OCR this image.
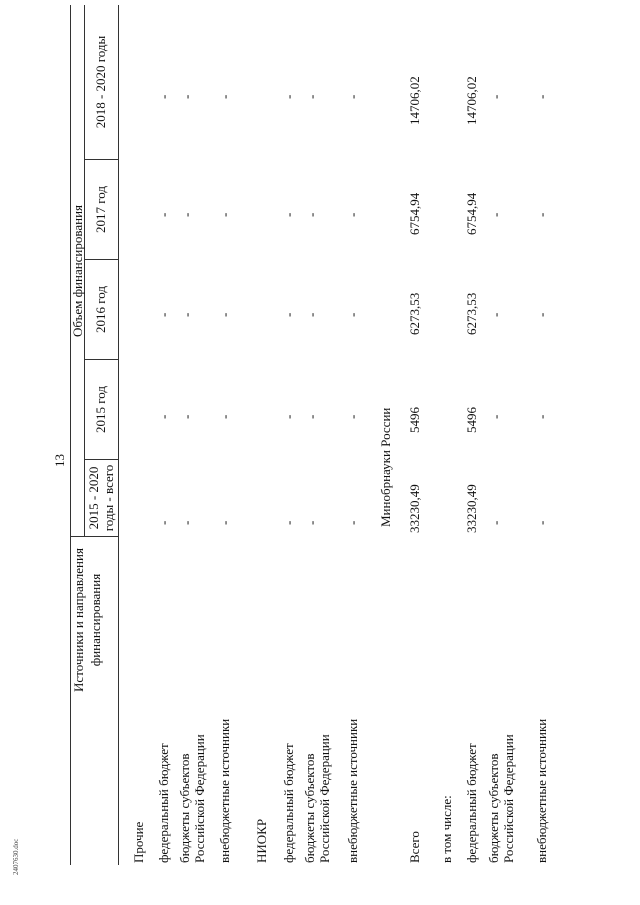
13
Источники и направления финансирования
Объем финансирования
2015 - 2020 годы - всего
2015 год
2016 год
2017 год
2018 - 2020 годы
Прочие федеральный бюджет
-
-
-
-
-
бюджеты субъектов Российской Федерации
-
-
-
-
-
внебюджетные источники
-
-
-
-
-
НИОКР федеральный бюджет
-
-
-
-
-
бюджеты субъектов Российской Федерации
-
-
-
-
-
внебюджетные источники
-
-
-
-
-
Минобрнауки России
Всего
33230,49
5496
6273,53
6754,94
14706,02
в том числе: федеральный бюджет
33230,49
5496
6273,53
6754,94
14706,02
бюджеты субъектов Российской Федерации
-
-
-
-
-
внебюджетные источники
-
-
-
-
-
2407630.doc
